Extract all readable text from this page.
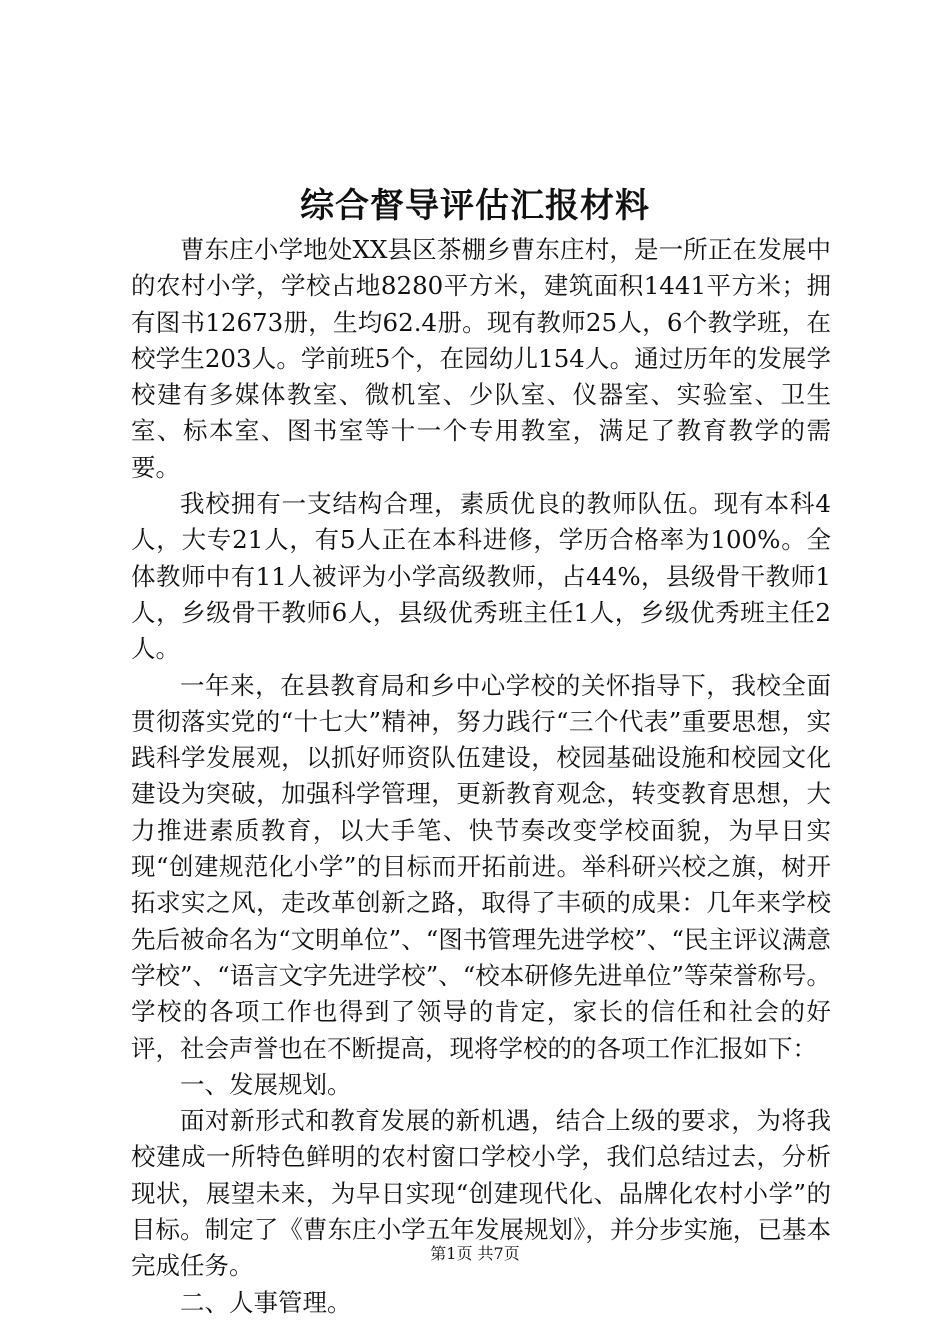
综合督导评估汇报材料

曹东庄小学地处XX县区茶棚乡曹东庄村，是一所正在发展中的农村小学，学校占地8280平方米，建筑面积1441平方米；拥有图书12673册，生均62.4册。现有教师25人，6个教学班，在校学生203人。学前班5个，在园幼儿154人。通过历年的发展学校建有多媒体教室、微机室、少队室、仪器室、实验室、卫生室、标本室、图书室等十一个专用教室，满足了教育教学的需要。

我校拥有一支结构合理，素质优良的教师队伍。现有本科4人，大专21人，有5人正在本科进修，学历合格率为100%。全体教师中有11人被评为小学高级教师，占44%，县级骨干教师1人，乡级骨干教师6人，县级优秀班主任1人，乡级优秀班主任2人。

一年来，在县教育局和乡中心学校的关怀指导下，我校全面贯彻落实党的“十七大”精神，努力践行“三个代表”重要思想，实践科学发展观，以抓好师资队伍建设，校园基础设施和校园文化建设为突破，加强科学管理，更新教育观念，转变教育思想，大力推进素质教育，以大手笔、快节奏改变学校面貌，为早日实现“创建规范化小学”的目标而开拓前进。举科研兴校之旗，树开拓求实之风，走改革创新之路，取得了丰硕的成果：几年来学校先后被命名为“文明单位”、“图书管理先进学校”、“民主评议满意学校”、“语言文字先进学校”、“校本研修先进单位”等荣誉称号。学校的各项工作也得到了领导的肯定，家长的信任和社会的好评，社会声誉也在不断提高，现将学校的的各项工作汇报如下：

一、发展规划。

面对新形式和教育发展的新机遇，结合上级的要求，为将我校建成一所特色鲜明的农村窗口学校小学，我们总结过去，分析现状，展望未来，为早日实现“创建现代化、品牌化农村小学”的目标。制定了《曹东庄小学五年发展规划》，并分步实施，已基本完成任务。

二、人事管理。

第1页 共7页
